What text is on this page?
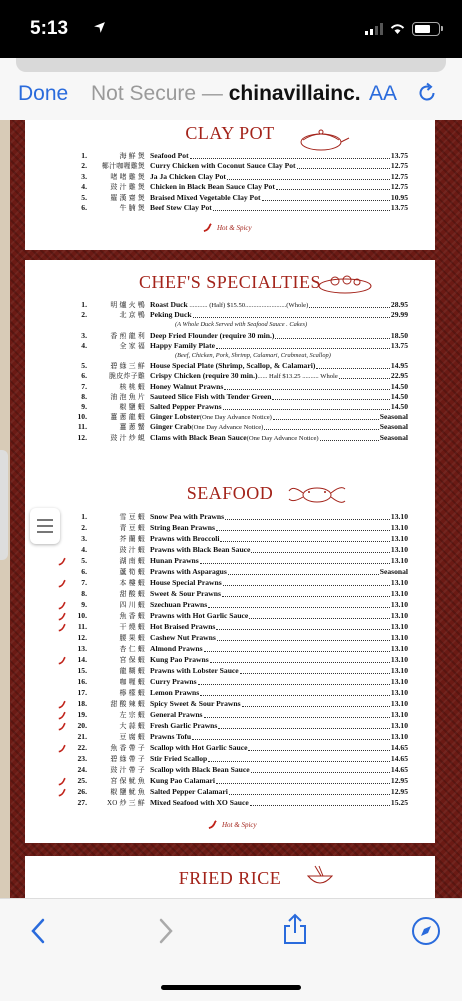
5:13
Done Not Secure — chinavillainc. AA
CLAY POT
1.	海 鮮 煲 Seafood Pot	13.75
2.	椰汁咖喱雞煲 Curry Chicken with Coconut Sauce Clay Pot	12.75
3.	啫 啫 雞 煲 Ja Ja Chicken Clay Pot	12.75
4.	豉 汁 雞 煲 Chicken in Black Bean Sauce Clay Pot	12.75
5.	羅 漢 齋 煲 Braised Mixed Vegetable Clay Pot	10.95
6.	牛 腩 煲 Beef Stew Clay Pot	13.75
Hot & Spicy
CHEF'S SPECIALTIES
1.	明 爐 火 鴨 Roast Duck ........... (Half) $15.50.........................(Whole)	28.95
2.	北 京 鴨 Peking Duck	29.99
(A Whole Duck Served with Seafood Sauce . Cakes)
3.	香 煎 龍 利 Deep Fried Flounder (require 30 min.)	18.50
4.	全 家 福 Happy Family Plate	13.75
(Beef, Chicken, Pork, Shrimp, Calamari, Crabmeat, Scallop)
5.	碧 綠 三 鮮 House Special Plate (Shrimp, Scallop, & Calamari)	14.95
6.	脆皮炸子雞 Crispy Chicken (require 30 min.)...... Half $13.25 .......... Whole	22.95
7.	核 桃 蝦 Honey Walnut Prawns	14.50
8.	油 泡 魚 片 Sauteed Slice Fish with Tender Green	14.50
9.	椒 鹽 蝦 Salted Pepper Prawns	14.50
10.	薑 蔥 龍 蝦 Ginger Lobster(One Day Advance Notice)	Seasonal
11.	薑 蔥 蟹 Ginger Crab(One Day Advance Notice)	Seasonal
12.	豉 汁 炒 蜆 Clams with Black Bean Sauce(One Day Advance Notice)	Seasonal
SEAFOOD
1.	雪 豆 蝦 Snow Pea with Prawns	13.10
2.	青 豆 蝦 String Bean Prawns	13.10
3.	芥 蘭 蝦 Prawns with Broccoli	13.10
4.	豉 汁 蝦 Prawns with Black Bean Sauce	13.10
5.	湖 南 蝦 Hunan Prawns	13.10
6.	蘆 筍 蝦 Prawns with Asparagus	Seasonal
7.	本 樓 蝦 House Special Prawns	13.10
8.	甜 酸 蝦 Sweet & Sour Prawns	13.10
9.	四 川 蝦 Szechuan Prawns	13.10
10.	魚 香 蝦 Prawns with Hot Garlic Sauce	13.10
11.	干 燒 蝦 Hot Braised Prawns	13.10
12.	腰 果 蝦 Cashew Nut Prawns	13.10
13.	杏 仁 蝦 Almond Prawns	13.10
14.	宮 保 蝦 Kung Pao Prawns	13.10
15.	龍 糊 蝦 Prawns with Lobster Sauce	13.10
16.	咖 喱 蝦 Curry Prawns	13.10
17.	檸 檬 蝦 Lemon Prawns	13.10
18.	甜 酸 辣 蝦 Spicy Sweet & Sour Prawns	13.10
19.	左 宗 蝦 General Prawns	13.10
20.	大 蒜 蝦 Fresh Garlic Prawns	13.10
21.	豆 腐 蝦 Prawns Tofu	13.10
22.	魚 香 帶 子 Scallop with Hot Garlic Sauce	14.65
23.	碧 綠 帶 子 Stir Fried Scallop	14.65
24.	豉 汁 帶 子 Scallop with Black Bean Sauce	14.65
25.	宮 保 魷 魚 Kung Pao Calamari	12.95
26.	椒 鹽 魷 魚 Salted Pepper Calamari	12.95
27.	XO 炒 三 鮮 Mixed Seafood with XO Sauce	15.25
Hot & Spicy
FRIED RICE
